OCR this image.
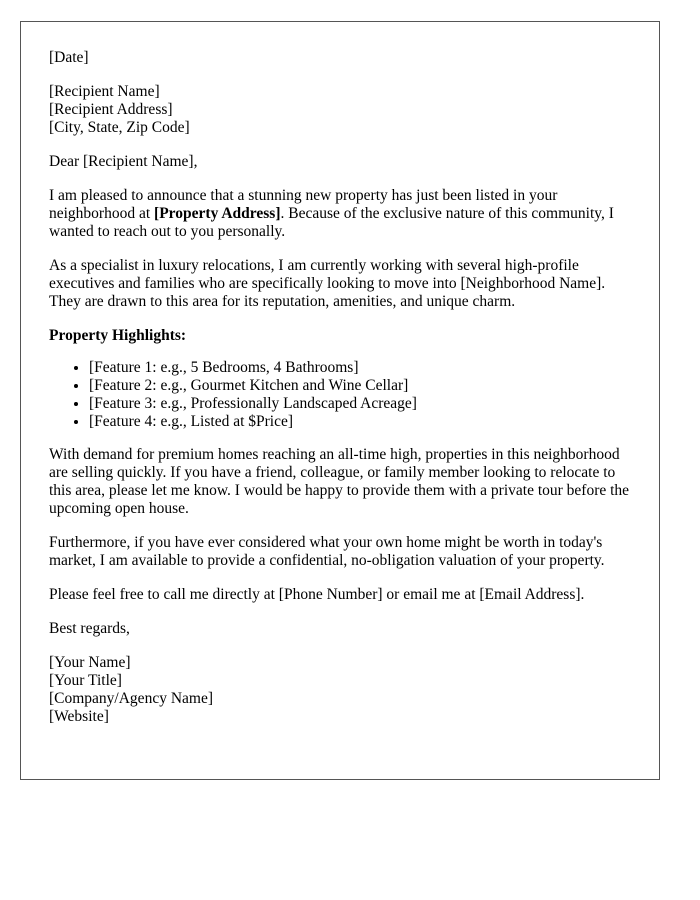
[Date]
[Recipient Name]
[Recipient Address]
[City, State, Zip Code]
Dear [Recipient Name],
I am pleased to announce that a stunning new property has just been listed in your neighborhood at [Property Address]. Because of the exclusive nature of this community, I wanted to reach out to you personally.
As a specialist in luxury relocations, I am currently working with several high-profile executives and families who are specifically looking to move into [Neighborhood Name]. They are drawn to this area for its reputation, amenities, and unique charm.
Property Highlights:
• [Feature 1: e.g., 5 Bedrooms, 4 Bathrooms]
• [Feature 2: e.g., Gourmet Kitchen and Wine Cellar]
• [Feature 3: e.g., Professionally Landscaped Acreage]
• [Feature 4: e.g., Listed at $Price]
With demand for premium homes reaching an all-time high, properties in this neighborhood are selling quickly. If you have a friend, colleague, or family member looking to relocate to this area, please let me know. I would be happy to provide them with a private tour before the upcoming open house.
Furthermore, if you have ever considered what your own home might be worth in today's market, I am available to provide a confidential, no-obligation valuation of your property.
Please feel free to call me directly at [Phone Number] or email me at [Email Address].
Best regards,
[Your Name]
[Your Title]
[Company/Agency Name]
[Website]
